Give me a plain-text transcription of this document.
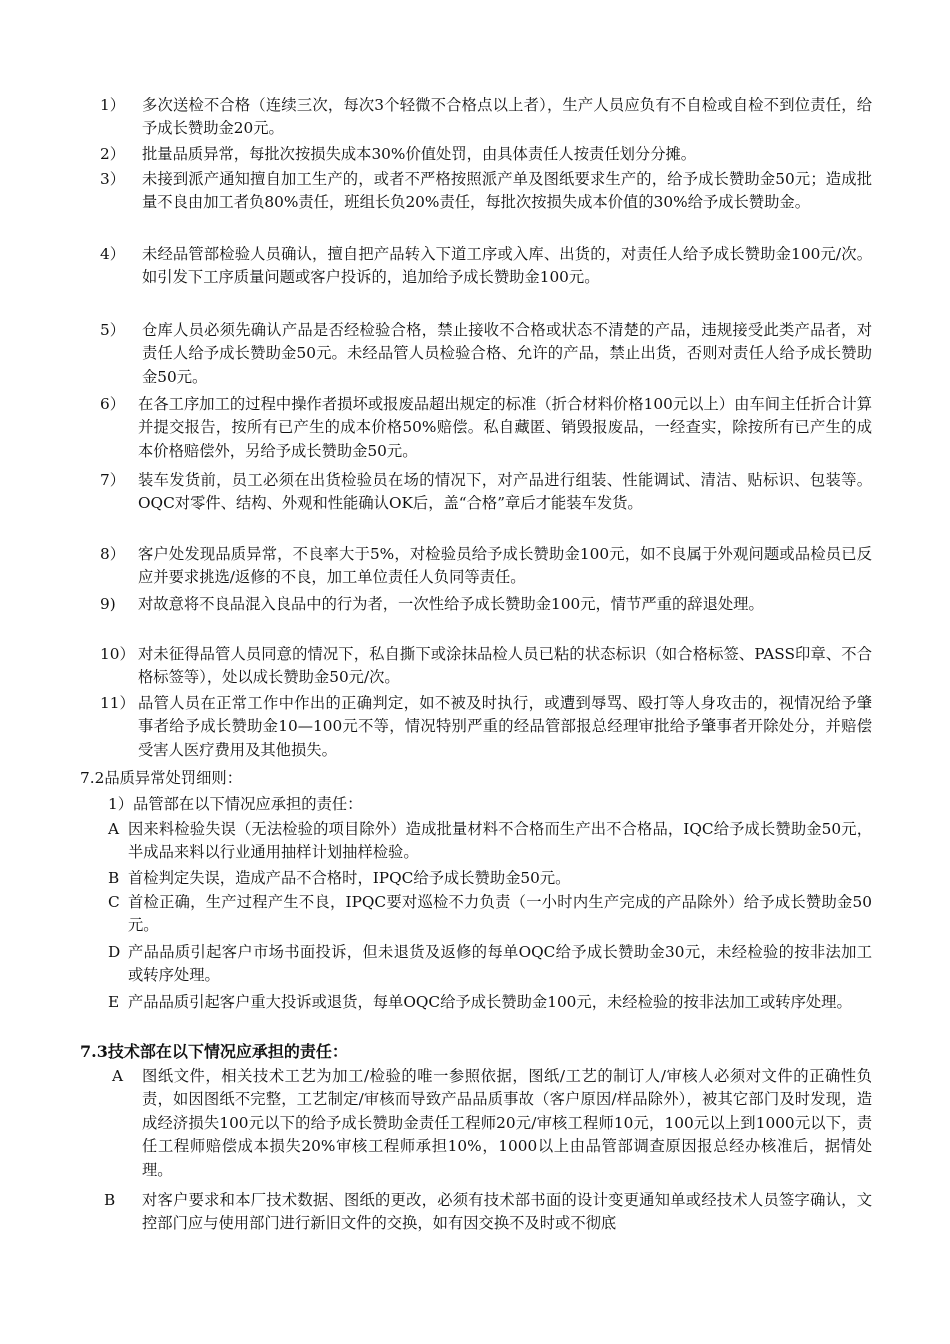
1） 多次送检不合格（连续三次，每次3个轻微不合格点以上者），生产人员应负有不自检或自检不到位责任，给予成长赞助金20元。
2） 批量品质异常，每批次按损失成本30%价值处罚，由具体责任人按责任划分分摊。
3） 未接到派产通知擅自加工生产的，或者不严格按照派产单及图纸要求生产的，给予成长赞助金50元；造成批量不良由加工者负80%责任，班组长负20%责任，每批次按损失成本价值的30%给予成长赞助金。
4） 未经品管部检验人员确认，擅自把产品转入下道工序或入库、出货的，对责任人给予成长赞助金100元/次。如引发下工序质量问题或客户投诉的，追加给予成长赞助金100元。
5） 仓库人员必须先确认产品是否经检验合格，禁止接收不合格或状态不清楚的产品，违规接受此类产品者，对责任人给予成长赞助金50元。未经品管人员检验合格、允许的产品，禁止出货，否则对责任人给予成长赞助金50元。
6） 在各工序加工的过程中操作者损坏或报废品超出规定的标准（折合材料价格100元以上）由车间主任折合计算并提交报告，按所有已产生的成本价格50%赔偿。私自藏匿、销毁报废品，一经查实，除按所有已产生的成本价格赔偿外，另给予成长赞助金50元。
7） 装车发货前，员工必须在出货检验员在场的情况下，对产品进行组装、性能调试、清洁、贴标识、包装等。OQC对零件、结构、外观和性能确认OK后，盖“合格”章后才能装车发货。
8） 客户处发现品质异常，不良率大于5%，对检验员给予成长赞助金100元，如不良属于外观问题或品检员已反应并要求挑选/返修的不良，加工单位责任人负同等责任。
9) 对故意将不良品混入良品中的行为者，一次性给予成长赞助金100元，情节严重的辞退处理。
10） 对未征得品管人员同意的情况下，私自撕下或涂抹品检人员已粘的状态标识（如合格标签、PASS印章、不合格标签等），处以成长赞助金50元/次。
11） 品管人员在正常工作中作出的正确判定，如不被及时执行，或遭到辱骂、殴打等人身攻击的，视情况给予肇事者给予成长赞助金10—100元不等，情况特别严重的经品管部报总经理审批给予肇事者开除处分，并赔偿受害人医疗费用及其他损失。
7.2品质异常处罚细则：
1）品管部在以下情况应承担的责任：
A 因来料检验失误（无法检验的项目除外）造成批量材料不合格而生产出不合格品，IQC给予成长赞助金50元，半成品来料以行业通用抽样计划抽样检验。
B 首检判定失误，造成产品不合格时，IPQC给予成长赞助金50元。
C 首检正确，生产过程产生不良，IPQC要对巡检不力负责（一小时内生产完成的产品除外）给予成长赞助金50元。
D 产品品质引起客户市场书面投诉，但未退货及返修的每单OQC给予成长赞助金30元，未经检验的按非法加工或转序处理。
E 产品品质引起客户重大投诉或退货，每单OQC给予成长赞助金100元，未经检验的按非法加工或转序处理。
7.3技术部在以下情况应承担的责任：
A 图纸文件，相关技术工艺为加工/检验的唯一参照依据，图纸/工艺的制订人/审核人必须对文件的正确性负责，如因图纸不完整，工艺制定/审核而导致产品品质事故（客户原因/样品除外），被其它部门及时发现，造成经济损失100元以下的给予成长赞助金责任工程师20元/审核工程师10元，100元以上到1000元以下，责任工程师赔偿成本损失20%审核工程师承担10%，1000以上由品管部调查原因报总经办核准后，据情处理。
B 对客户要求和本厂技术数据、图纸的更改，必须有技术部书面的设计变更通知单或经技术人员签字确认，文控部门应与使用部门进行新旧文件的交换，如有因交换不及时或不彻底
